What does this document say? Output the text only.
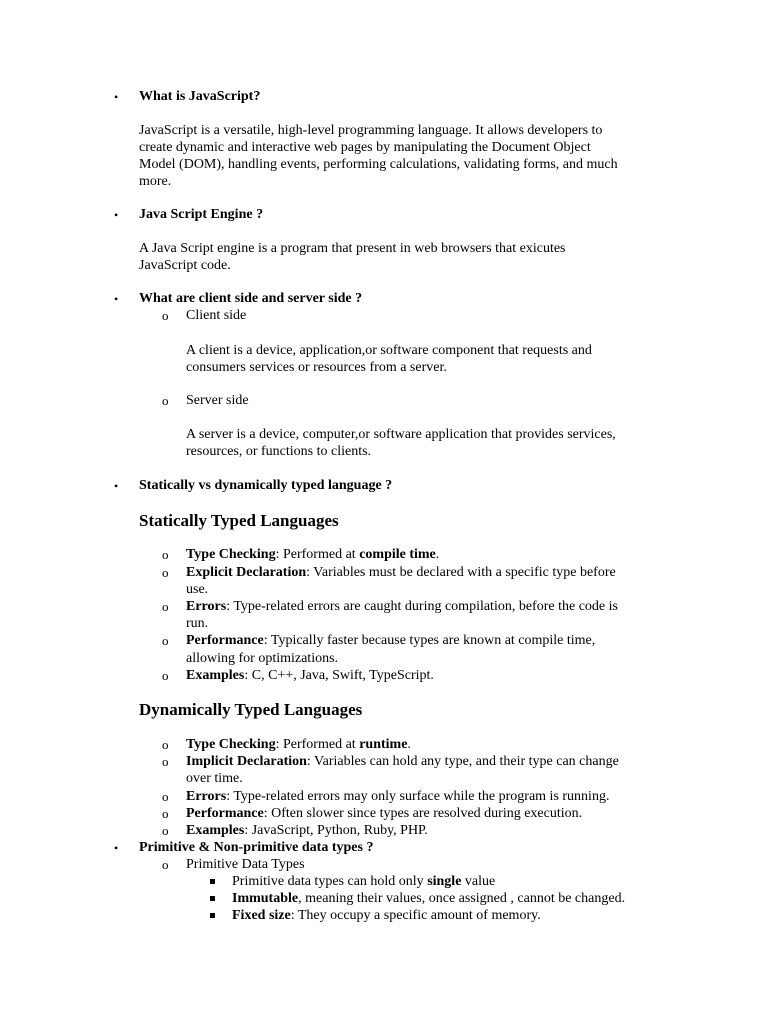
• What is JavaScript?
JavaScript is a versatile, high-level programming language. It allows developers to
create dynamic and interactive web pages by manipulating the Document Object
Model (DOM), handling events, performing calculations, validating forms, and much
more.
• Java Script Engine ?
A Java Script engine is a program that present in web browsers that exicutes
JavaScript code.
• What are client side and server side ?
o Client side
A client is a device, application,or software component that requests and
consumers services or resources from a server.
o Server side
A server is a device, computer,or software application that provides services,
resources, or functions to clients.
• Statically vs dynamically typed language ?
Statically Typed Languages
o Type Checking: Performed at compile time.
o Explicit Declaration: Variables must be declared with a specific type before
use.
o Errors: Type-related errors are caught during compilation, before the code is
run.
o Performance: Typically faster because types are known at compile time,
allowing for optimizations.
o Examples: C, C++, Java, Swift, TypeScript.
Dynamically Typed Languages
o Type Checking: Performed at runtime.
o Implicit Declaration: Variables can hold any type, and their type can change
over time.
o Errors: Type-related errors may only surface while the program is running.
o Performance: Often slower since types are resolved during execution.
o Examples: JavaScript, Python, Ruby, PHP.
• Primitive & Non-primitive data types ?
o Primitive Data Types
Primitive data types can hold only single value
Immutable, meaning their values, once assigned , cannot be changed.
Fixed size: They occupy a specific amount of memory.
